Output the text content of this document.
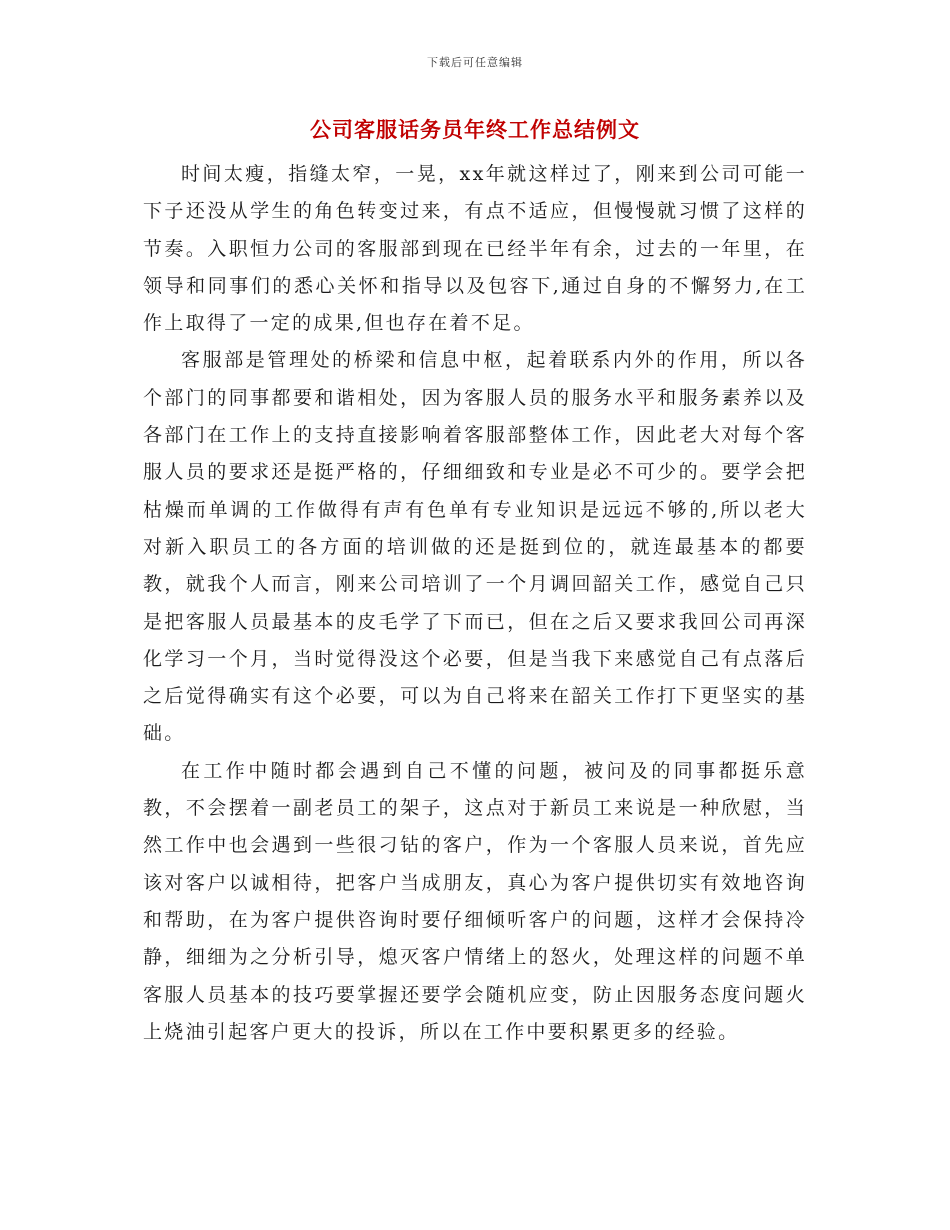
下载后可任意编辑
公司客服话务员年终工作总结例文

时间太瘦，指缝太窄，一晃，xx年就这样过了，刚来到公司可能一下子还没从学生的角色转变过来，有点不适应，但慢慢就习惯了这样的节奏。入职恒力公司的客服部到现在已经半年有余，过去的一年里，在领导和同事们的悉心关怀和指导以及包容下,通过自身的不懈努力,在工作上取得了一定的成果,但也存在着不足。

客服部是管理处的桥梁和信息中枢，起着联系内外的作用，所以各个部门的同事都要和谐相处，因为客服人员的服务水平和服务素养以及各部门在工作上的支持直接影响着客服部整体工作，因此老大对每个客服人员的要求还是挺严格的，仔细细致和专业是必不可少的。要学会把枯燥而单调的工作做得有声有色单有专业知识是远远不够的,所以老大对新入职员工的各方面的培训做的还是挺到位的，就连最基本的都要教，就我个人而言，刚来公司培训了一个月调回韶关工作，感觉自己只是把客服人员最基本的皮毛学了下而已，但在之后又要求我回公司再深化学习一个月，当时觉得没这个必要，但是当我下来感觉自己有点落后之后觉得确实有这个必要，可以为自己将来在韶关工作打下更坚实的基础。

在工作中随时都会遇到自己不懂的问题，被问及的同事都挺乐意教，不会摆着一副老员工的架子，这点对于新员工来说是一种欣慰，当然工作中也会遇到一些很刁钻的客户，作为一个客服人员来说，首先应该对客户以诚相待，把客户当成朋友，真心为客户提供切实有效地咨询和帮助，在为客户提供咨询时要仔细倾听客户的问题，这样才会保持冷静，细细为之分析引导，熄灭客户情绪上的怒火，处理这样的问题不单客服人员基本的技巧要掌握还要学会随机应变，防止因服务态度问题火上烧油引起客户更大的投诉，所以在工作中要积累更多的经验。
